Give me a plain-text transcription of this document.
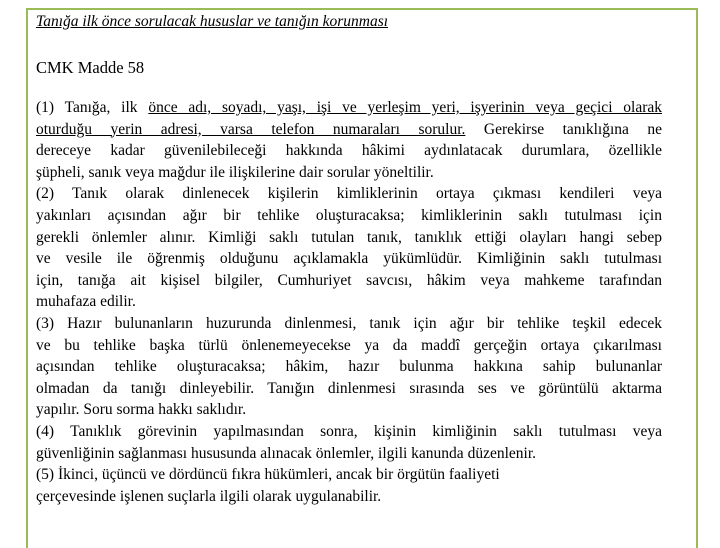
Tanığa ilk önce sorulacak hususlar ve tanığın korunması
CMK Madde 58
(1) Tanığa, ilk önce adı, soyadı, yaşı, işi ve yerleşim yeri, işyerinin veya geçici olarak
oturduğu yerin adresi, varsa telefon numaraları sorulur. Gerekirse tanıklığına ne
dereceye kadar güvenilebileceği hakkında hâkimi aydınlatacak durumlara, özellikle
şüpheli, sanık veya mağdur ile ilişkilerine dair sorular yöneltilir.
(2) Tanık olarak dinlenecek kişilerin kimliklerinin ortaya çıkması kendileri veya
yakınları açısından ağır bir tehlike oluşturacaksa; kimliklerinin saklı tutulması için
gerekli önlemler alınır. Kimliği saklı tutulan tanık, tanıklık ettiği olayları hangi sebep
ve vesile ile öğrenmiş olduğunu açıklamakla yükümlüdür. Kimliğinin saklı tutulması
için, tanığa ait kişisel bilgiler, Cumhuriyet savcısı, hâkim veya mahkeme tarafından
muhafaza edilir.
(3) Hazır bulunanların huzurunda dinlenmesi, tanık için ağır bir tehlike teşkil edecek
ve bu tehlike başka türlü önlenemeyecekse ya da maddî gerçeğin ortaya çıkarılması
açısından tehlike oluşturacaksa; hâkim, hazır bulunma hakkına sahip bulunanlar
olmadan da tanığı dinleyebilir. Tanığın dinlenmesi sırasında ses ve görüntülü aktarma
yapılır. Soru sorma hakkı saklıdır.
(4) Tanıklık görevinin yapılmasından sonra, kişinin kimliğinin saklı tutulması veya
güvenliğinin sağlanması hususunda alınacak önlemler, ilgili kanunda düzenlenir.
(5) İkinci, üçüncü ve dördüncü fıkra hükümleri, ancak bir örgütün faaliyeti
çerçevesinde işlenen suçlarla ilgili olarak uygulanabilir.
